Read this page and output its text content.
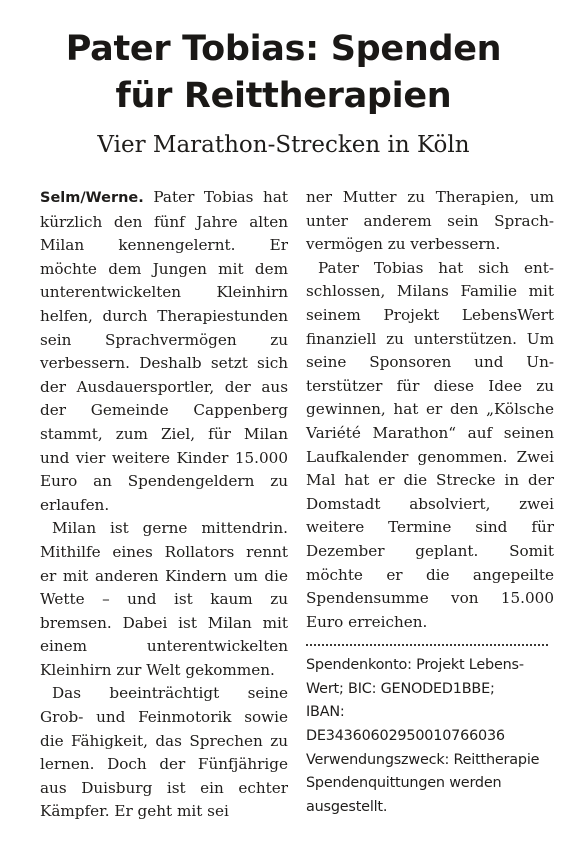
Pater Tobias: Spenden
für Reittherapien
Vier Marathon-Strecken in Köln

Selm/Werne. Pater Tobias hat kürzlich den fünf Jahre alten Milan kennengelernt. Er möchte dem Jungen mit dem unterentwickelten Kleinhirn helfen, durch Therapiestunden sein Sprachvermögen zu verbessern. Deshalb setzt sich der Ausdauersportler, der aus der Gemeinde Cappenberg stammt, zum Ziel, für Milan und vier weitere Kinder 15.000 Euro an Spendengeldern zu erlaufen.

Milan ist gerne mittendrin. Mithilfe eines Rollators rennt er mit anderen Kindern um die Wette – und ist kaum zu bremsen. Dabei ist Milan mit einem unterentwickelten Kleinhirn zur Welt gekommen.

Das beeinträchtigt seine Grob- und Feinmotorik sowie die Fähigkeit, das Sprechen zu lernen. Doch der Fünfjährige aus Duisburg ist ein echter Kämpfer. Er geht mit sei

ner Mutter zu Therapien, um unter anderem sein Sprachvermögen zu verbessern.

Pater Tobias hat sich entschlossen, Milans Familie mit seinem Projekt LebensWert finanziell zu unterstützen. Um seine Sponsoren und Unterstützer für diese Idee zu gewinnen, hat er den „Kölsche Variété Marathon“ auf seinen Laufkalender genommen. Zwei Mal hat er die Strecke in der Domstadt absolviert, zwei weitere Termine sind für Dezember geplant. Somit möchte er die angepeilte Spendensumme von 15.000 Euro erreichen.

Spendenkonto: Projekt LebensWert; BIC: GENODED1BBE;
IBAN:
DE34360602950010766036
Verwendungszweck: Reittherapie
Spendenquittungen werden ausgestellt.
